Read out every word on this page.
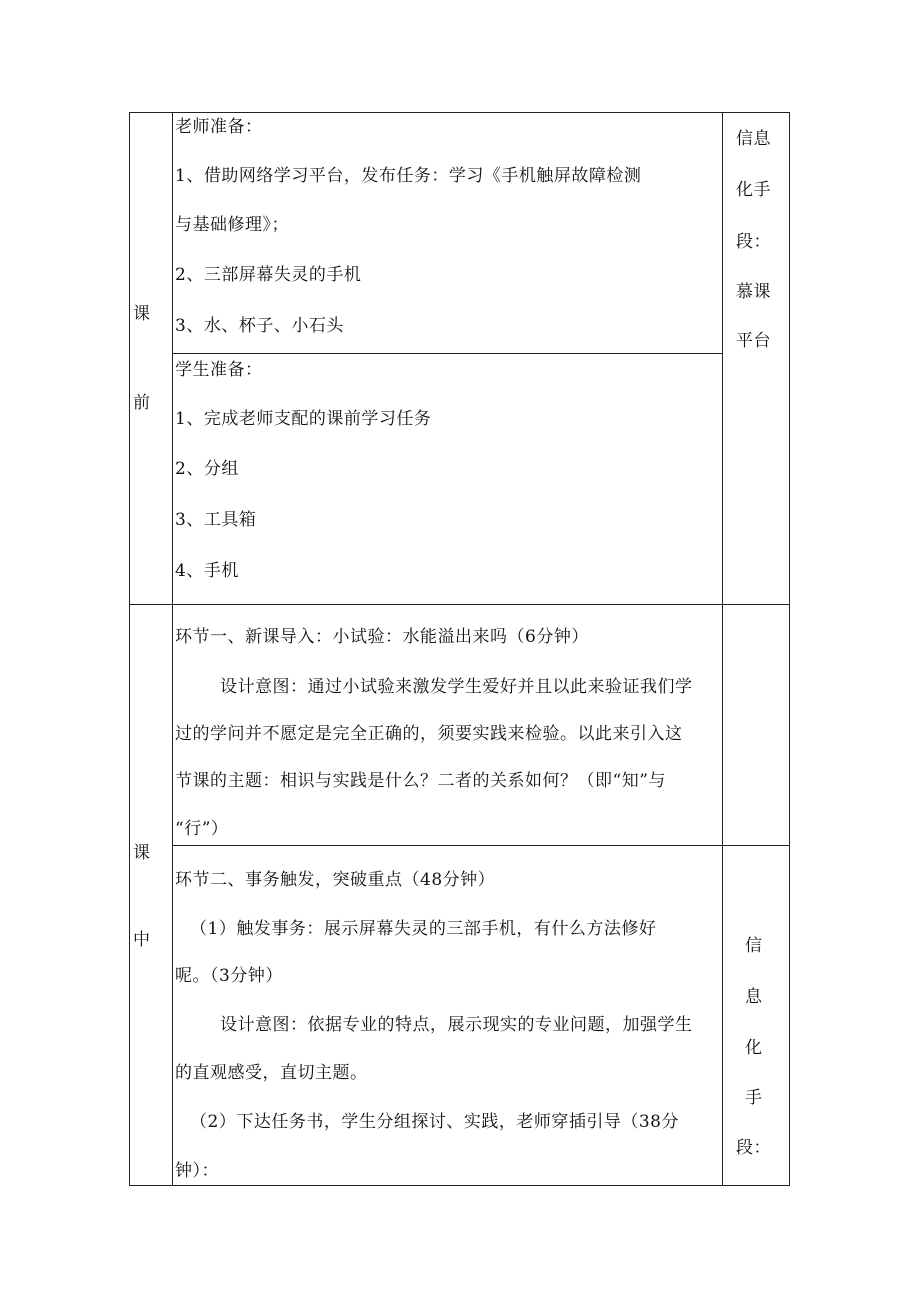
课
前
老师准备：
1、借助网络学习平台，发布任务：学习《手机触屏故障检测
与基础修理》；
2、三部屏幕失灵的手机
3、水、杯子、小石头
学生准备：
1、完成老师支配的课前学习任务
2、分组
3、工具箱
4、手机
信息
化手
段：
慕课
平台
课
中
环节一、新课导入：小试验：水能溢出来吗（6分钟）
设计意图：通过小试验来激发学生爱好并且以此来验证我们学
过的学问并不愿定是完全正确的，须要实践来检验。以此来引入这
节课的主题：相识与实践是什么？二者的关系如何？（即“知”与
“行”）
环节二、事务触发，突破重点（48分钟）
（1）触发事务：展示屏幕失灵的三部手机，有什么方法修好
呢。（3分钟）
设计意图：依据专业的特点，展示现实的专业问题，加强学生
的直观感受，直切主题。
（2）下达任务书，学生分组探讨、实践，老师穿插引导（38分
钟）：
信
息
化
手
段：
